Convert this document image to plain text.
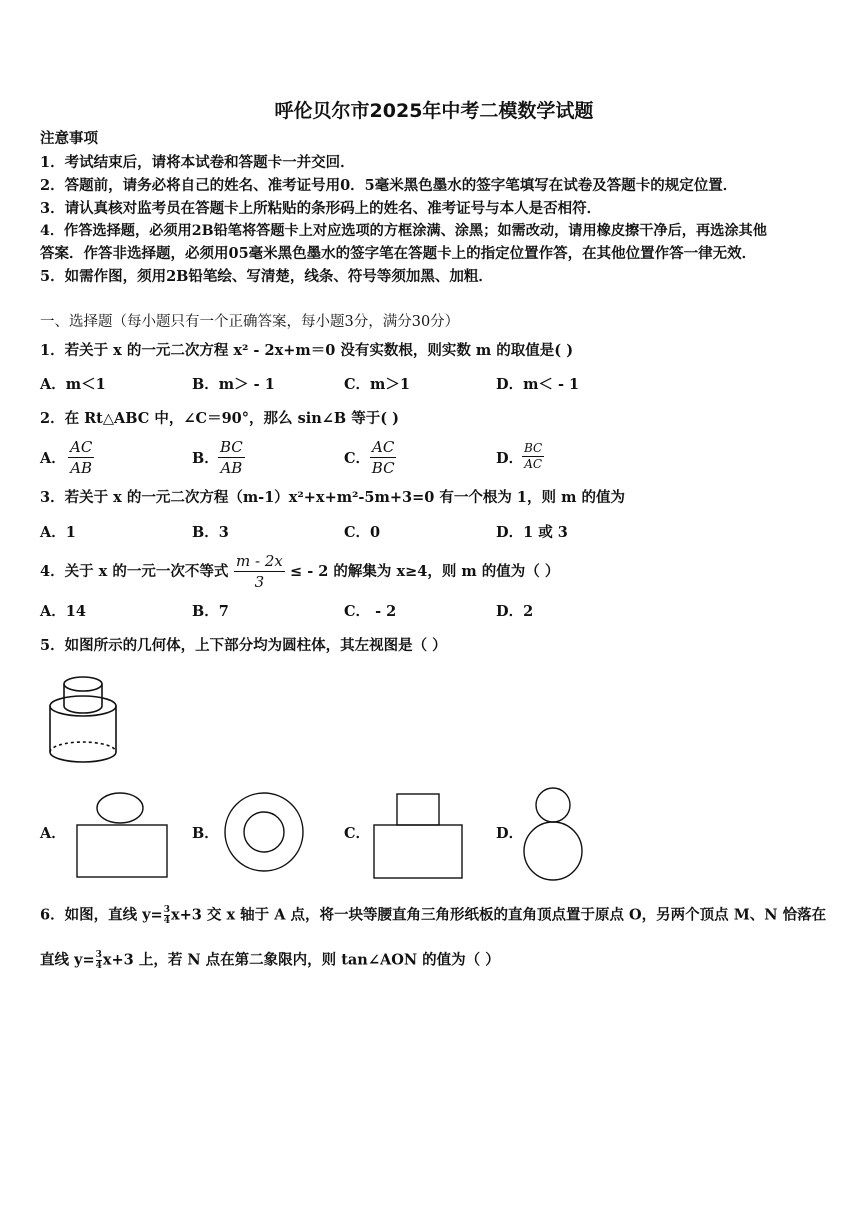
呼伦贝尔市2025年中考二模数学试题
注意事项
1．考试结束后，请将本试卷和答题卡一并交回．
2．答题前，请务必将自己的姓名、准考证号用0．5毫米黑色墨水的签字笔填写在试卷及答题卡的规定位置．
3．请认真核对监考员在答题卡上所粘贴的条形码上的姓名、准考证号与本人是否相符．
4．作答选择题，必须用2B铅笔将答题卡上对应选项的方框涂满、涂黑；如需改动，请用橡皮擦干净后，再选涂其他
答案．作答非选择题，必须用05毫米黑色墨水的签字笔在答题卡上的指定位置作答，在其他位置作答一律无效．
5．如需作图，须用2B铅笔绘、写清楚，线条、符号等须加黑、加粗．
一、选择题（每小题只有一个正确答案，每小题3分，满分30分）
1．若关于 x 的一元二次方程 x² - 2x+m＝0 没有实数根，则实数 m 的取值是( )
A．m＜1	B．m＞ - 1	C．m＞1	D．m＜ - 1
2．在 Rt△ABC 中，∠C＝90°，那么 sin∠B 等于( )
A． $\frac{AC}{AB}$	B． $\frac{BC}{AB}$	C． $\frac{AC}{BC}$	D．
$\frac{BC}{AC}$
3．若关于 x 的一元二次方程（m-1）x²+x+m²-5m+3=0 有一个根为 1，则 m 的值为
A．1	B．3	C．0	D．1 或 3
4．关于 x 的一元一次不等式 $\frac{m - 2x}{3}$ ≤ - 2 的解集为 x≥4，则 m 的值为（ ）
A．14	B．7	C． - 2	D．2
5．如图所示的几何体，上下部分均为圆柱体，其左视图是（ ）
A．	B．	C．	D．
6．如图，直线 $y= \frac{3}{4} x+3$ 交 x 轴于 A 点，将一块等腰直角三角形纸板的直角顶点置于原点 O，另两个顶点 M、N 恰落在
直线 $y= \frac{3}{4} x+3$ 上，若 N 点在第二象限内，则 tan∠AON 的值为（ ）
